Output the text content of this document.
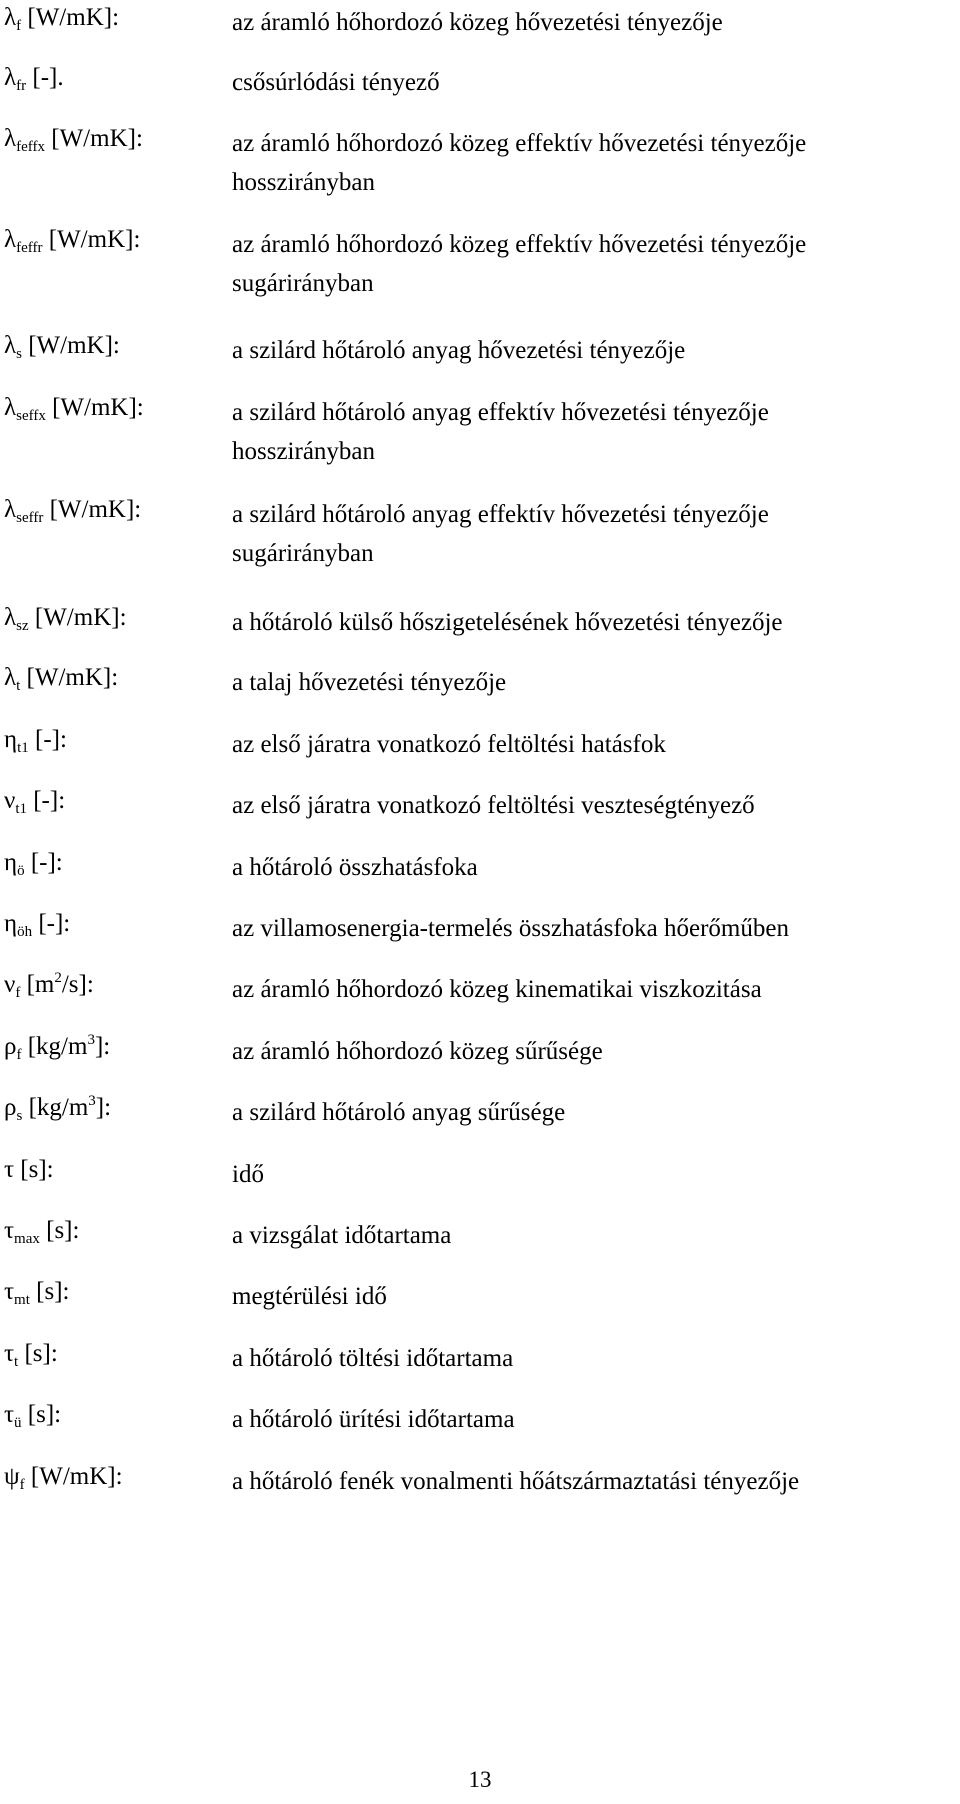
$\lambda_f$ [W/mK]:	az áramló hőhordozó közeg hővezetési tényezője
$\lambda_{fr}$ [-].	csősúrlódási tényező
$\lambda_{feffx}$ [W/mK]:	az áramló hőhordozó közeg effektív hővezetési tényezője
hosszirányban
$\lambda_{feffr}$ [W/mK]:	az áramló hőhordozó közeg effektív hővezetési tényezője
sugárirányban
$\lambda_s$ [W/mK]:	a szilárd hőtároló anyag hővezetési tényezője
$\lambda_{seffx}$ [W/mK]:	a szilárd hőtároló anyag effektív hővezetési tényezője
hosszirányban
$\lambda_{seffr}$ [W/mK]:	a szilárd hőtároló anyag effektív hővezetési tényezője
sugárirányban
$\lambda_{sz}$ [W/mK]:	a hőtároló külső hőszigetelésének hővezetési tényezője
$\lambda_t$ [W/mK]:	a talaj hővezetési tényezője
$\eta_{t1}$ [-]:	az első járatra vonatkozó feltöltési hatásfok
$\nu_{t1}$ [-]:	az első járatra vonatkozó feltöltési veszteségtényező
$\eta_ö$ [-]:	a hőtároló összhatásfoka
$\eta_{öh}$ [-]:	az villamosenergia-termelés összhatásfoka hőerőműben
$\nu_f$ $[m^2/s]$:	az áramló hőhordozó közeg kinematikai viszkozitása
$\rho_f$ $[kg/m^3]$:	az áramló hőhordozó közeg sűrűsége
$\rho_s$ $[kg/m^3]$:	a szilárd hőtároló anyag sűrűsége
τ [s]:	idő
$\tau_{max}$ [s]:	a vizsgálat időtartama
$\tau_{mt}$ [s]:	megtérülési idő
$\tau_t$ [s]:	a hőtároló töltési időtartama
$\tau_ü$ [s]:	a hőtároló ürítési időtartama
$\psi_f$ [W/mK]:	a hőtároló fenék vonalmenti hőátszármaztatási tényezője
13
